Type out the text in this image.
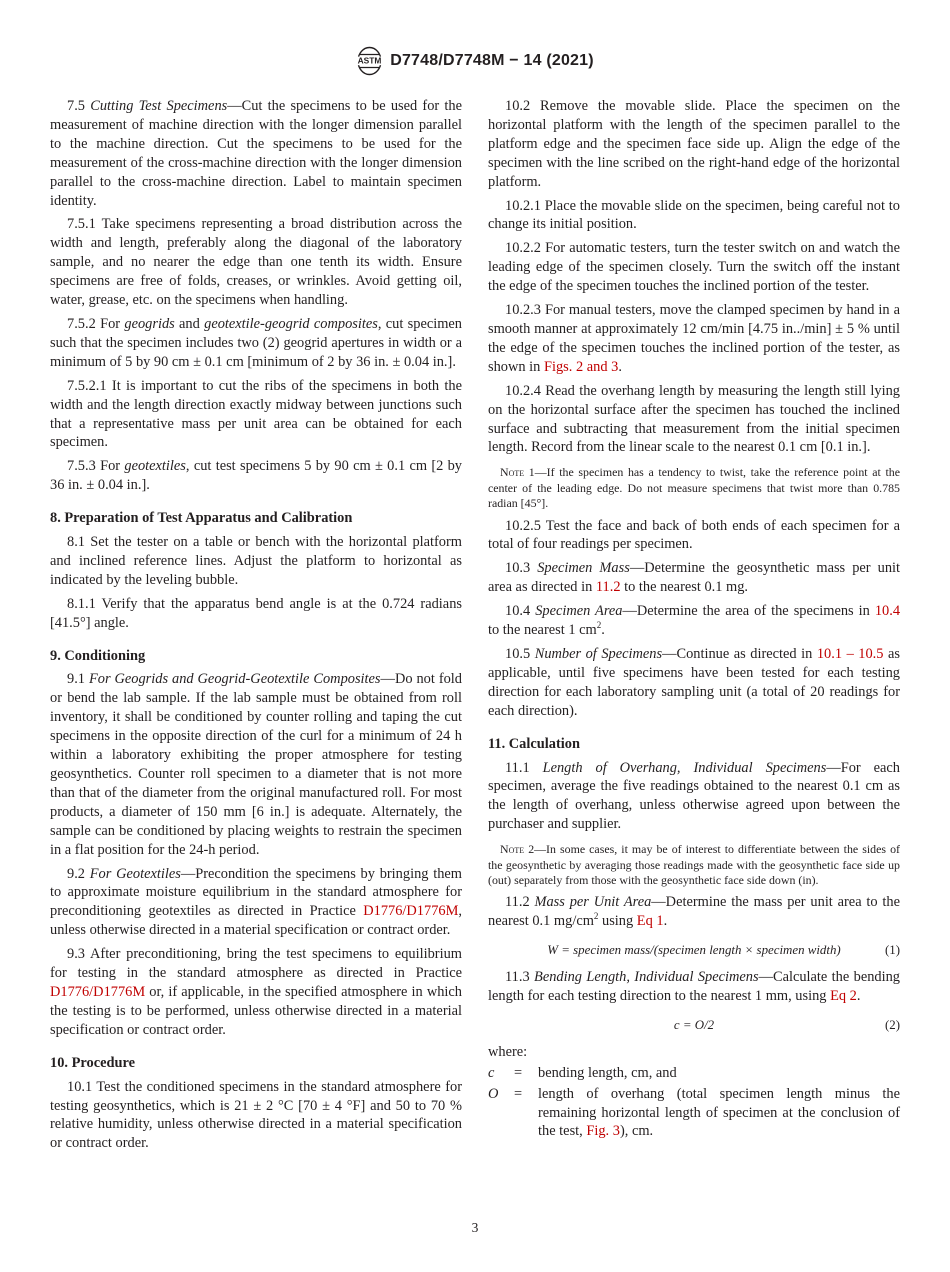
ASTM D7748/D7748M − 14 (2021)

7.5 Cutting Test Specimens—Cut the specimens to be used for the measurement of machine direction with the longer dimension parallel to the machine direction. Cut the specimens to be used for the measurement of the cross-machine direction with the longer dimension parallel to the cross-machine direction. Label to maintain specimen identity.

7.5.1 Take specimens representing a broad distribution across the width and length, preferably along the diagonal of the laboratory sample, and no nearer the edge than one tenth its width. Ensure specimens are free of folds, creases, or wrinkles. Avoid getting oil, water, grease, etc. on the specimens when handling.

7.5.2 For geogrids and geotextile-geogrid composites, cut specimen such that the specimen includes two (2) geogrid apertures in width or a minimum of 5 by 90 cm ± 0.1 cm [minimum of 2 by 36 in. ± 0.04 in.].

7.5.2.1 It is important to cut the ribs of the specimens in both the width and the length direction exactly midway between junctions such that a representative mass per unit area can be obtained for each specimen.

7.5.3 For geotextiles, cut test specimens 5 by 90 cm ± 0.1 cm [2 by 36 in. ± 0.04 in.].

8. Preparation of Test Apparatus and Calibration

8.1 Set the tester on a table or bench with the horizontal platform and inclined reference lines. Adjust the platform to horizontal as indicated by the leveling bubble.

8.1.1 Verify that the apparatus bend angle is at the 0.724 radians [41.5°] angle.

9. Conditioning

9.1 For Geogrids and Geogrid-Geotextile Composites—Do not fold or bend the lab sample. If the lab sample must be obtained from roll inventory, it shall be conditioned by counter rolling and taping the cut specimens in the opposite direction of the curl for a minimum of 24 h within a laboratory exhibiting the proper atmosphere for testing geosynthetics. Counter roll specimen to a diameter that is not more than that of the diameter from the original manufactured roll. For most products, a diameter of 150 mm [6 in.] is adequate. Alternately, the sample can be conditioned by placing weights to restrain the specimen in a flat position for the 24-h period.

9.2 For Geotextiles—Precondition the specimens by bringing them to approximate moisture equilibrium in the standard atmosphere for preconditioning geotextiles as directed in Practice D1776/D1776M, unless otherwise directed in a material specification or contract order.

9.3 After preconditioning, bring the test specimens to equilibrium for testing in the standard atmosphere as directed in Practice D1776/D1776M or, if applicable, in the specified atmosphere in which the testing is to be performed, unless otherwise directed in a material specification or contract order.

10. Procedure

10.1 Test the conditioned specimens in the standard atmosphere for testing geosynthetics, which is 21 ± 2 °C [70 ± 4 °F] and 50 to 70 % relative humidity, unless otherwise directed in a material specification or contract order.

10.2 Remove the movable slide. Place the specimen on the horizontal platform with the length of the specimen parallel to the platform edge and the specimen face side up. Align the edge of the specimen with the line scribed on the right-hand edge of the horizontal platform.

10.2.1 Place the movable slide on the specimen, being careful not to change its initial position.

10.2.2 For automatic testers, turn the tester switch on and watch the leading edge of the specimen closely. Turn the switch off the instant the edge of the specimen touches the inclined portion of the tester.

10.2.3 For manual testers, move the clamped specimen by hand in a smooth manner at approximately 12 cm/min [4.75 in../min] ± 5 % until the edge of the specimen touches the inclined portion of the tester, as shown in Figs. 2 and 3.

10.2.4 Read the overhang length by measuring the length still lying on the horizontal surface after the specimen has touched the inclined surface and subtracting that measurement from the initial specimen length. Record from the linear scale to the nearest 0.1 cm [0.1 in.].

Note 1—If the specimen has a tendency to twist, take the reference point at the center of the leading edge. Do not measure specimens that twist more than 0.785 radian [45°].

10.2.5 Test the face and back of both ends of each specimen for a total of four readings per specimen.

10.3 Specimen Mass—Determine the geosynthetic mass per unit area as directed in 11.2 to the nearest 0.1 mg.

10.4 Specimen Area—Determine the area of the specimens in 10.4 to the nearest 1 $cm^2$.

10.5 Number of Specimens—Continue as directed in 10.1 – 10.5 as applicable, until five specimens have been tested for each testing direction for each laboratory sampling unit (a total of 20 readings for each direction).

11. Calculation

11.1 Length of Overhang, Individual Specimens—For each specimen, average the five readings obtained to the nearest 0.1 cm as the length of overhang, unless otherwise agreed upon between the purchaser and supplier.

Note 2—In some cases, it may be of interest to differentiate between the sides of the geosynthetic by averaging those readings made with the geosynthetic face side up (out) separately from those with the geosynthetic face side down (in).

11.2 Mass per Unit Area—Determine the mass per unit area to the nearest 0.1 $mg/cm^2$ using Eq 1.

W = specimen mass/(specimen length × specimen width)	(1)

11.3 Bending Length, Individual Specimens—Calculate the bending length for each testing direction to the nearest 1 mm, using Eq 2.

c = O/2	(2)

where:

c	=	bending length, cm, and
O	=	length of overhang (total specimen length minus the remaining horizontal length of specimen at the conclusion of the test, Fig. 3), cm.
3
